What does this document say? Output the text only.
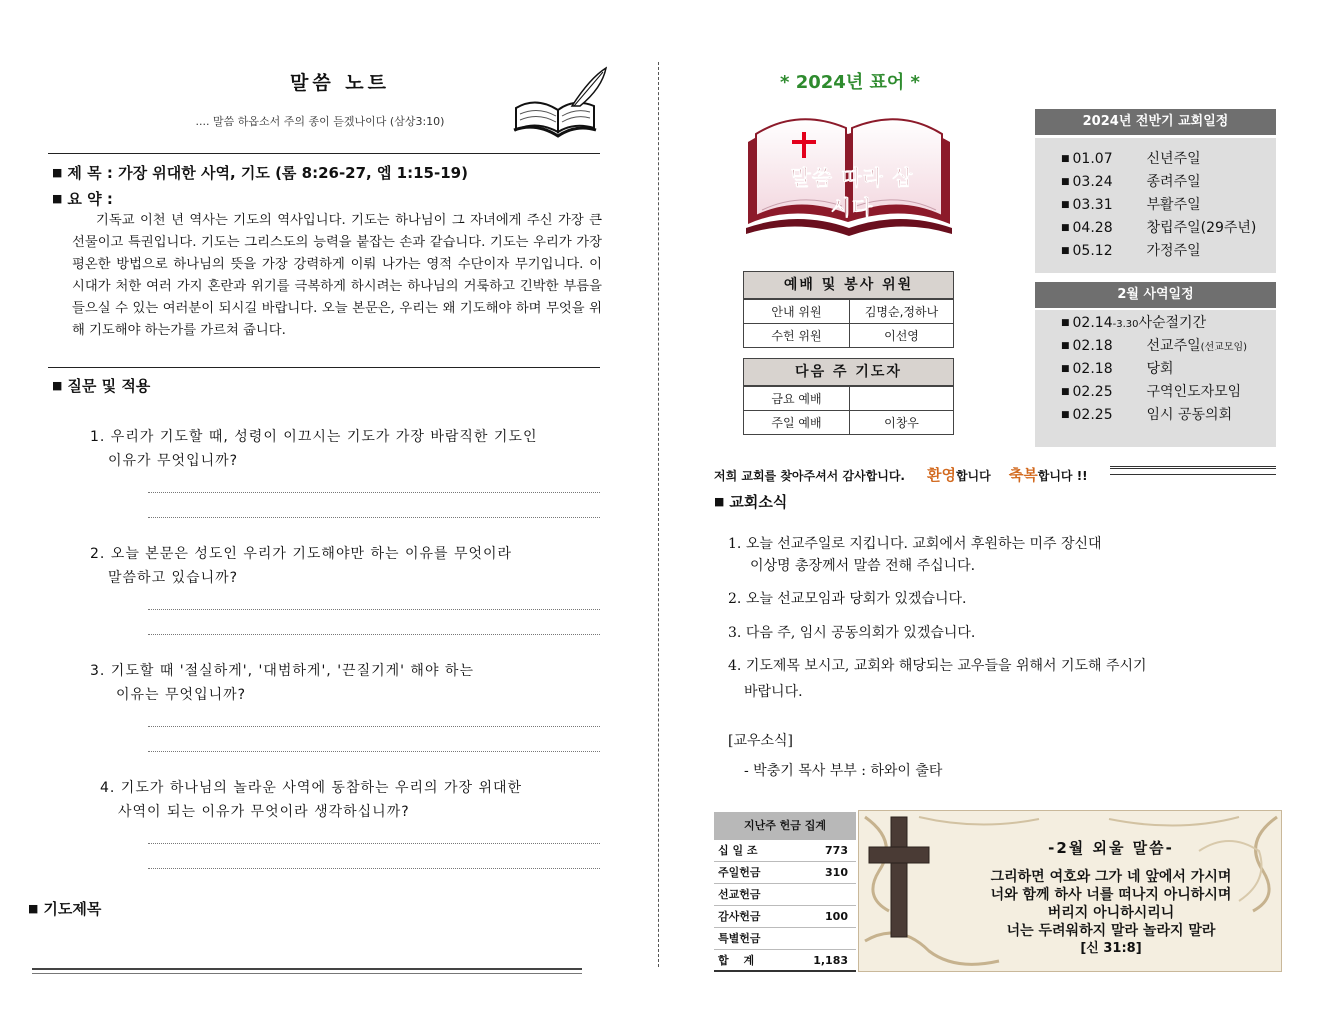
말씀 노트
.... 말씀 하옵소서 주의 종이 듣겠나이다 (삼상3:10)
■ 제 목 : 가장 위대한 사역, 기도 (롬 8:26-27, 엡 1:15-19)
■ 요 약 :
기독교 이천 년 역사는 기도의 역사입니다. 기도는 하나님이 그 자녀에게 주신 가장 큰 선물이고 특권입니다. 기도는 그리스도의 능력을 붙잡는 손과 같습니다. 기도는 우리가 가장 평온한 방법으로 하나님의 뜻을 가장 강력하게 이뤄 나가는 영적 수단이자 무기입니다. 이 시대가 처한 여러 가지 혼란과 위기를 극복하게 하시려는 하나님의 거룩하고 긴박한 부름을 들으실 수 있는 여러분이 되시길 바랍니다. 오늘 본문은, 우리는 왜 기도해야 하며 무엇을 위해 기도해야 하는가를 가르쳐 줍니다.
■ 질문 및 적용
1. 우리가 기도할 때, 성령이 이끄시는 기도가 가장 바람직한 기도인
이유가 무엇입니까?
2. 오늘 본문은 성도인 우리가 기도해야만 하는 이유를 무엇이라
말씀하고 있습니까?
3. 기도할 때 '절실하게', '대범하게', '끈질기게' 해야 하는
이유는 무엇입니까?
4. 기도가 하나님의 놀라운 사역에 동참하는 우리의 가장 위대한
사역이 되는 이유가 무엇이라 생각하십니까?
■ 기도제목
* 2024년 표어 *
말씀 따라 삽시다
2024년 전반기 교회일정
■ 01.07 신년주일
■ 03.24 종려주일
■ 03.31 부활주일
■ 04.28 창립주일(29주년)
■ 05.12 가정주일
2월 사역일정
■ 02.14-3.30사순절기간
■ 02.18 선교주일(선교모임)
■ 02.18 당회
■ 02.25 구역인도자모임
■ 02.25 임시 공동의회
예배 및 봉사 위원
안내 위원	김명순,정하나
수헌 위원	이선영
다음 주 기도자
금요 예배	
주일 예배	이창우
저희 교회를 찾아주셔서 감사합니다. 환영합니다 축복합니다 !!
■ 교회소식
1. 오늘 선교주일로 지킵니다. 교회에서 후원하는 미주 장신대
이상명 총장께서 말씀 전해 주십니다.
2. 오늘 선교모임과 당회가 있겠습니다.
3. 다음 주, 임시 공동의회가 있겠습니다.
4. 기도제목 보시고, 교회와 해당되는 교우들을 위해서 기도해 주시기
바랍니다.
[교우소식]
- 박충기 목사 부부 : 하와이 출타
지난주 헌금 집계
십 일 조	773
주일헌금	310
선교헌금
감사헌금	100
특별헌금
합　 계	1,183
-2월 외울 말씀-
그리하면 여호와 그가 네 앞에서 가시며
너와 함께 하사 너를 떠나지 아니하시며
버리지 아니하시리니
너는 두려워하지 말라 놀라지 말라
[신 31:8]
